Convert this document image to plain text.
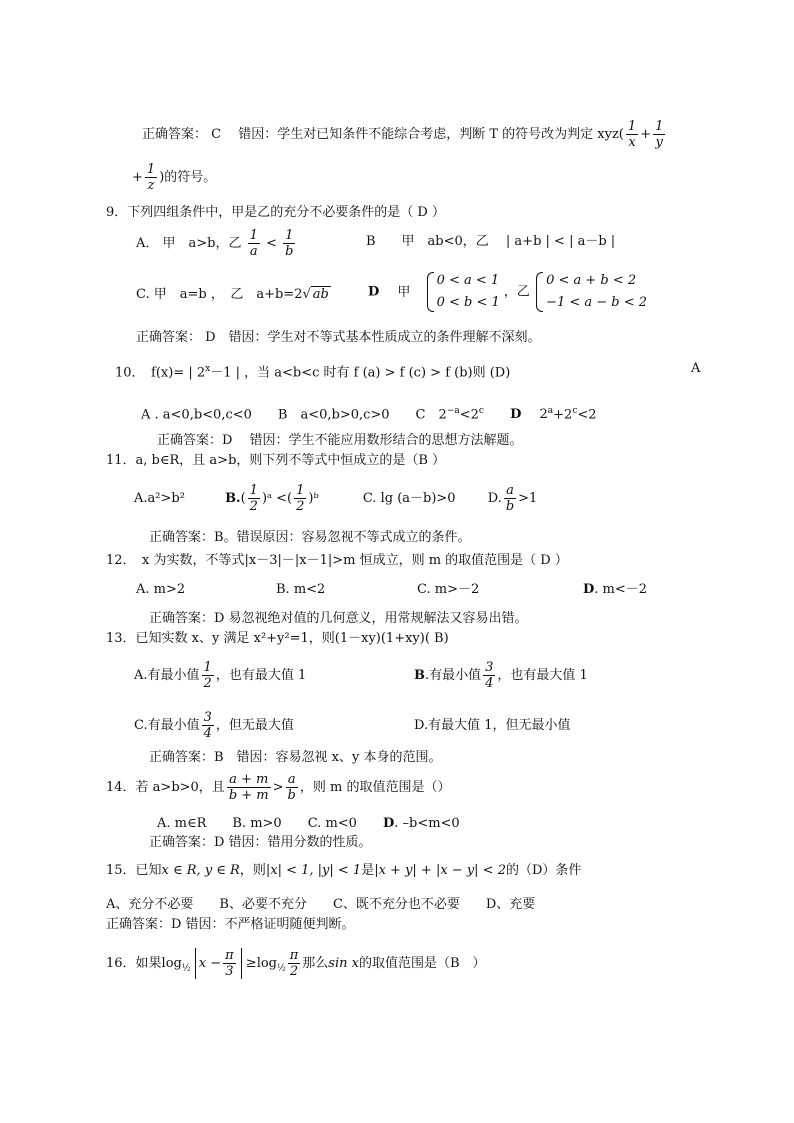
正确答案： C　 错因：学生对已知条件不能综合考虑，判断 T 的符号改为判定 $xyz( \frac{1}{x} + \frac{1}{y}$
+ $\frac{1}{z}$ )的符号。
9．下列四组条件中，甲是乙的充分不必要条件的是（ D ）
A． 甲　a>b，乙 $\frac{1}{a} < \frac{1}{b}$	B　　甲　ab<0，乙　 | a+b | < | a－b |
C. 甲　a=b ，　乙　a+b=2√ ab	D 甲
0 < a < 1
0 < b < 1
，乙
0 < a + b < 2
−1 < a − b < 2
正确答案： D　错因：学生对不等式基本性质成立的条件理解不深刻。
10．　f(x)= | $2^x-1$ | ，当 a<b<c 时有 f (a) > f (c) > f (b)则 (D)	A
A . a<0,b<0,c<0　　B　a<0,b>0,c>0　　C　$2^{-a}<2^c$ D $2^a+2^c<2$
正确答案：D　 错因：学生不能应用数形结合的思想方法解题。
11．a, b∈R，且 a>b，则下列不等式中恒成立的是（B ）
A.a²>b²	$B.( \frac{1}{2}$ )ᵃ <( $\frac{1}{2}$ )ᵇ	C. lg (a－b)>0 D. $\frac{a}{b} >1$
正确答案：B。错误原因：容易忽视不等式成立的条件。
12．　x 为实数，不等式|x－3|－|x－1|>m 恒成立，则 m 的取值范围是（ D ）
A. m>2	B. m<2	C. m>－2	D. m<－2
正确答案：D 易忽视绝对值的几何意义，用常规解法又容易出错。
13．已知实数 x、y 满足 x²+y²=1，则(1－xy)(1+xy)( B)
A.有最小值 $\frac{1}{2}$ ，也有最大值 1	B.有最小值 $\frac{3}{4}$ ，也有最大值 1
C.有最小值 $\frac{3}{4}$ ，但无最大值	D.有最大值 1，但无最小值
正确答案：B　错因：容易忽视 x、y 本身的范围。
14．若 a>b>0，且 $\frac{a + m}{b + m} > \frac{a}{b}$ ，则 m 的取值范围是（）
A. m∈R　　B. m>0　　C. m<0　　D. –b<m<0
正确答案：D 错因：错用分数的性质。
15．已知x ∈ R, y ∈ R，则|x| < 1, |y| < 1是|x + y| + |x − y| < 2的（D）条件
A、充分不必要　　B、必要不充分　　C、既不充分也不必要　　D、充要
正确答案：D 错因：不严格证明随便判断。
16．如果$\log_{\frac{1}{2}} x - \frac{\pi}{3} \ge\log_{\frac{1}{2}} \frac{\pi}{2}$ 那么sin x的取值范围是（B　）
